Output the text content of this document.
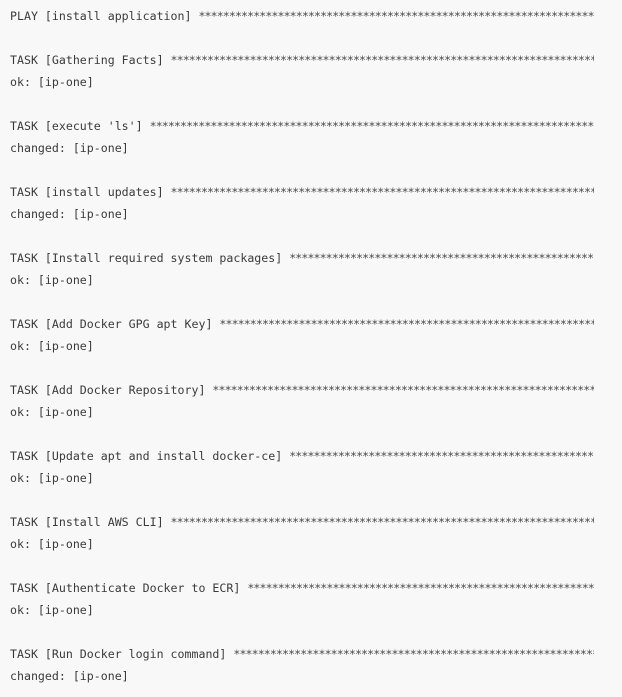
PLAY [install application]
*****
TASK [Gathering Facts]
*****
ok: [ip-one]
TASK [execute 'ls']
*****
changed: [ip-one]
TASK [install updates]
*****
changed: [ip-one]
TASK [Install required system packages]
*****
ok: [ip-one]
TASK [Add Docker GPG apt Key]
*****
ok: [ip-one]
TASK [Add Docker Repository]
*****
ok: [ip-one]
TASK [Update apt and install docker-ce]
*****
ok: [ip-one]
TASK [Install AWS CLI]
*****
ok: [ip-one]
TASK [Authenticate Docker to ECR]
*****
ok: [ip-one]
TASK [Run Docker login command]
*****
changed: [ip-one]
